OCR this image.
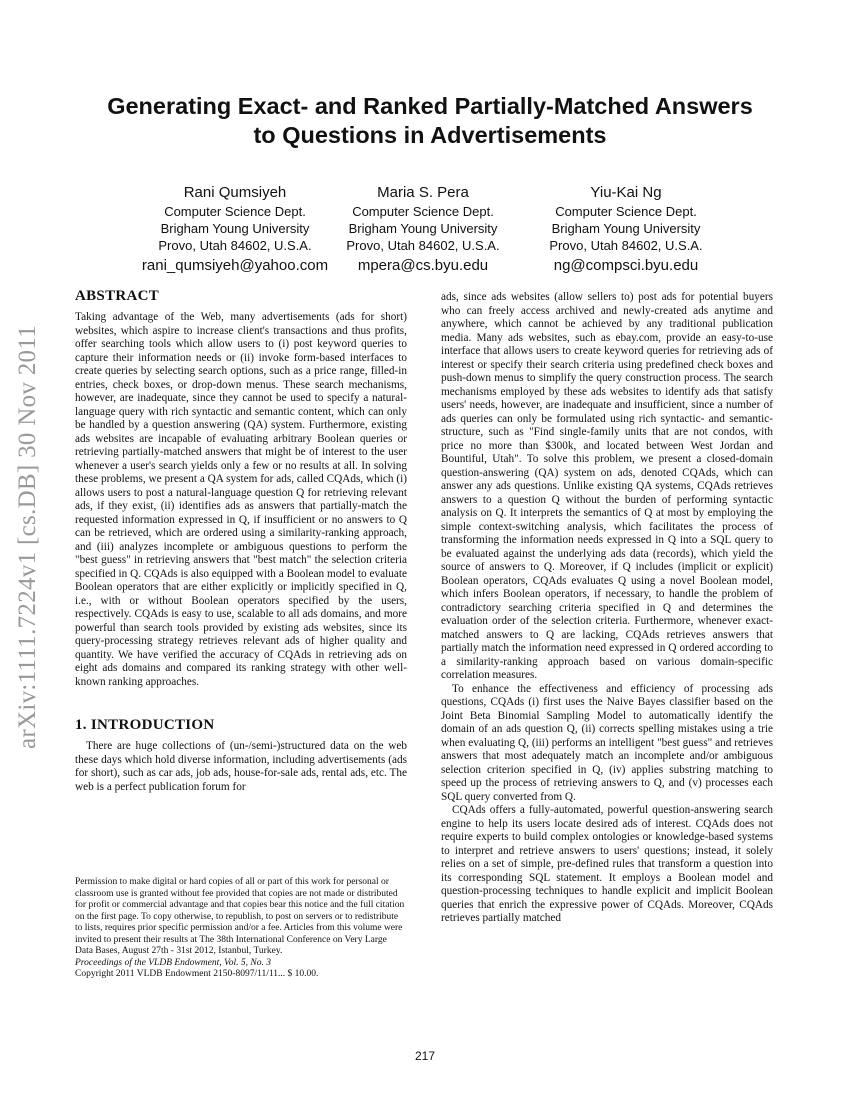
arXiv:1111.7224v1 [cs.DB] 30 Nov 2011
Generating Exact- and Ranked Partially-Matched Answers
to Questions in Advertisements
Rani Qumsiyeh
Computer Science Dept.
Brigham Young University
Provo, Utah 84602, U.S.A.
rani_qumsiyeh@yahoo.com
Maria S. Pera
Computer Science Dept.
Brigham Young University
Provo, Utah 84602, U.S.A.
mpera@cs.byu.edu
Yiu-Kai Ng
Computer Science Dept.
Brigham Young University
Provo, Utah 84602, U.S.A.
ng@compsci.byu.edu
ABSTRACT

Taking advantage of the Web, many advertisements (ads for short) websites, which aspire to increase client's transactions and thus profits, offer searching tools which allow users to (i) post keyword queries to capture their information needs or (ii) invoke form-based interfaces to create queries by selecting search options, such as a price range, filled-in entries, check boxes, or drop-down menus. These search mechanisms, however, are inadequate, since they cannot be used to specify a natural-language query with rich syntactic and semantic content, which can only be handled by a question answering (QA) system. Furthermore, existing ads websites are incapable of evaluating arbitrary Boolean queries or retrieving partially-matched answers that might be of interest to the user whenever a user's search yields only a few or no results at all. In solving these problems, we present a QA system for ads, called CQAds, which (i) allows users to post a natural-language question Q for retrieving relevant ads, if they exist, (ii) identifies ads as answers that partially-match the requested information expressed in Q, if insufficient or no answers to Q can be retrieved, which are ordered using a similarity-ranking approach, and (iii) analyzes incomplete or ambiguous questions to perform the "best guess" in retrieving answers that "best match" the selection criteria specified in Q. CQAds is also equipped with a Boolean model to evaluate Boolean operators that are either explicitly or implicitly specified in Q, i.e., with or without Boolean operators specified by the users, respectively. CQAds is easy to use, scalable to all ads domains, and more powerful than search tools provided by existing ads websites, since its query-processing strategy retrieves relevant ads of higher quality and quantity. We have verified the accuracy of CQAds in retrieving ads on eight ads domains and compared its ranking strategy with other well-known ranking approaches.

1. INTRODUCTION

There are huge collections of (un-/semi-)structured data on the web these days which hold diverse information, including advertisements (ads for short), such as car ads, job ads, house-for-sale ads, rental ads, etc. The web is a perfect publication forum for

Permission to make digital or hard copies of all or part of this work for personal or classroom use is granted without fee provided that copies are not made or distributed for profit or commercial advantage and that copies bear this notice and the full citation on the first page. To copy otherwise, to republish, to post on servers or to redistribute to lists, requires prior specific permission and/or a fee. Articles from this volume were invited to present their results at The 38th International Conference on Very Large Data Bases, August 27th - 31st 2012, Istanbul, Turkey.

Proceedings of the VLDB Endowment, Vol. 5, No. 3

Copyright 2011 VLDB Endowment 2150-8097/11/11... $ 10.00.

ads, since ads websites (allow sellers to) post ads for potential buyers who can freely access archived and newly-created ads anytime and anywhere, which cannot be achieved by any traditional publication media. Many ads websites, such as ebay.com, provide an easy-to-use interface that allows users to create keyword queries for retrieving ads of interest or specify their search criteria using predefined check boxes and push-down menus to simplify the query construction process. The search mechanisms employed by these ads websites to identify ads that satisfy users' needs, however, are inadequate and insufficient, since a number of ads queries can only be formulated using rich syntactic- and semantic-structure, such as "Find single-family units that are not condos, with price no more than $300k, and located between West Jordan and Bountiful, Utah". To solve this problem, we present a closed-domain question-answering (QA) system on ads, denoted CQAds, which can answer any ads questions. Unlike existing QA systems, CQAds retrieves answers to a question Q without the burden of performing syntactic analysis on Q. It interprets the semantics of Q at most by employing the simple context-switching analysis, which facilitates the process of transforming the information needs expressed in Q into a SQL query to be evaluated against the underlying ads data (records), which yield the source of answers to Q. Moreover, if Q includes (implicit or explicit) Boolean operators, CQAds evaluates Q using a novel Boolean model, which infers Boolean operators, if necessary, to handle the problem of contradictory searching criteria specified in Q and determines the evaluation order of the selection criteria. Furthermore, whenever exact-matched answers to Q are lacking, CQAds retrieves answers that partially match the information need expressed in Q ordered according to a similarity-ranking approach based on various domain-specific correlation measures.

To enhance the effectiveness and efficiency of processing ads questions, CQAds (i) first uses the Naive Bayes classifier based on the Joint Beta Binomial Sampling Model to automatically identify the domain of an ads question Q, (ii) corrects spelling mistakes using a trie when evaluating Q, (iii) performs an intelligent "best guess" and retrieves answers that most adequately match an incomplete and/or ambiguous selection criterion specified in Q, (iv) applies substring matching to speed up the process of retrieving answers to Q, and (v) processes each SQL query converted from Q.

CQAds offers a fully-automated, powerful question-answering search engine to help its users locate desired ads of interest. CQAds does not require experts to build complex ontologies or knowledge-based systems to interpret and retrieve answers to users' questions; instead, it solely relies on a set of simple, pre-defined rules that transform a question into its corresponding SQL statement. It employs a Boolean model and question-processing techniques to handle explicit and implicit Boolean queries that enrich the expressive power of CQAds. Moreover, CQAds retrieves partially matched

217
